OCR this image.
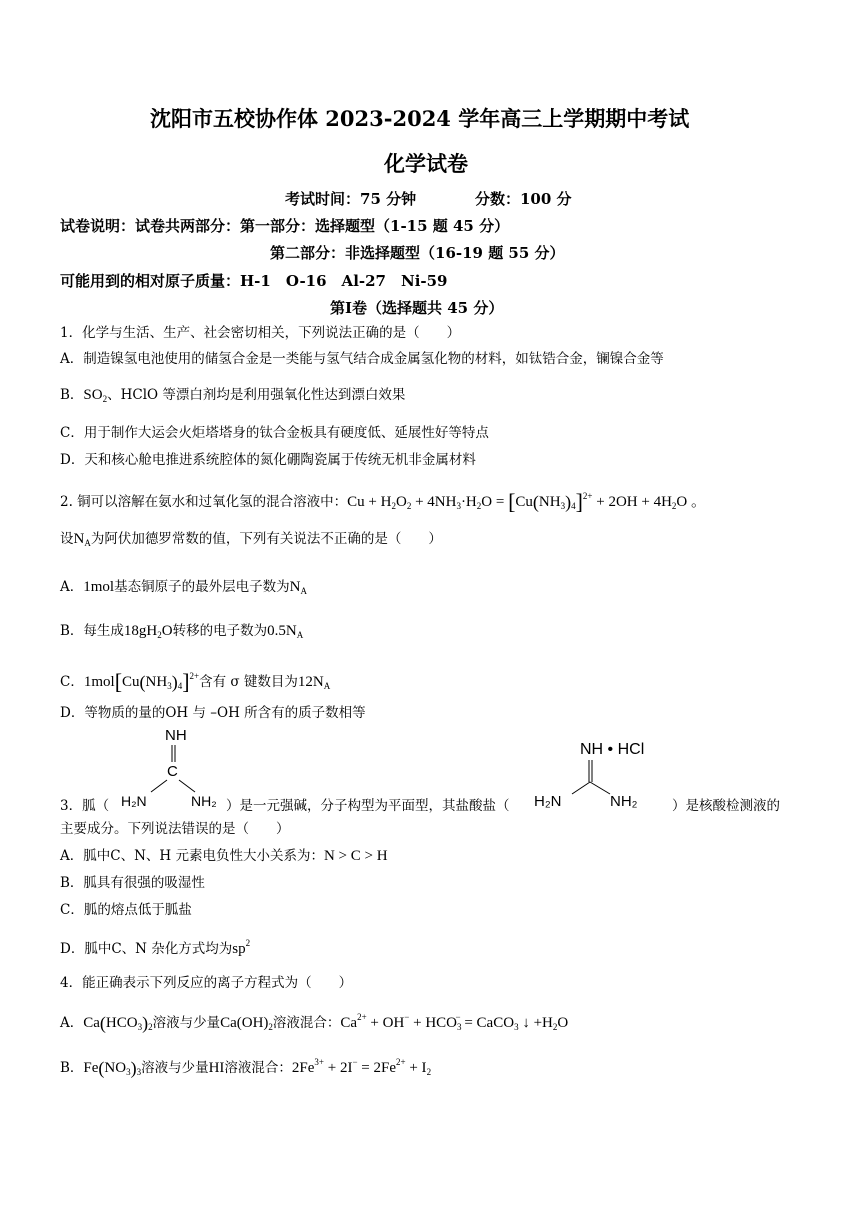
沈阳市五校协作体 2023-2024 学年高三上学期期中考试
化学试卷
考试时间：75 分钟	分数：100 分
试卷说明：试卷共两部分：第一部分：选择题型（1-15 题 45 分）
第二部分：非选择题型（16-19 题 55 分）
可能用到的相对原子质量：H-1　O-16　Al-27　Ni-59
第Ⅰ卷（选择题共 45 分）
1．化学与生活、生产、社会密切相关，下列说法正确的是（　　）
A．制造镍氢电池使用的储氢合金是一类能与氢气结合成金属氢化物的材料，如钛锆合金，镧镍合金等
B．$SO_2$、HClO 等漂白剂均是利用强氧化性达到漂白效果
C．用于制作大运会火炬塔塔身的钛合金板具有硬度低、延展性好等特点
D．天和核心舱电推进系统腔体的氮化硼陶瓷属于传统无机非金属材料
2. 铜可以溶解在氨水和过氧化氢的混合溶液中：$Cu + H_2O_2 + 4NH_3\cdot H_2O = [Cu(NH_3)_4]^{2+} + 2OH + 4H_2O$ 。
设$N_A$为阿伏加德罗常数的值，下列有关说法不正确的是（　　）
A．1mol基态铜原子的最外层电子数为$N_A$
B．每生成$18gH_2O$转移的电子数为$0.5N_A$
C．$1mol[Cu(NH_3)_4]^{2+}$含有 σ 键数目为$12N_A$
D．等物质的量的OH 与 –OH 所含有的质子数相等
NH
C
H₂N	NH₂
NH • HCl
H₂N	NH₂
3．胍（	）是一元强碱，分子构型为平面型，其盐酸盐（	）是核酸检测液的
主要成分。下列说法错误的是（　　）
A．胍中C、N、H 元素电负性大小关系为：N > C > H
B．胍具有很强的吸湿性
C．胍的熔点低于胍盐
D．胍中C、N 杂化方式均为$sp^2$
4．能正确表示下列反应的离子方程式为（　　）
A．$Ca(HCO_3)_2$溶液与少量$Ca(OH)_2$溶液混合：$Ca^{2+} + OH^- + HCO_3^-$ = CaCO$_3$ ↓ $+H_2O$
B．$Fe(NO_3)_3$溶液与少量HI溶液混合：$2Fe^{3+} + 2I^- = 2Fe^{2+} + I_2$
